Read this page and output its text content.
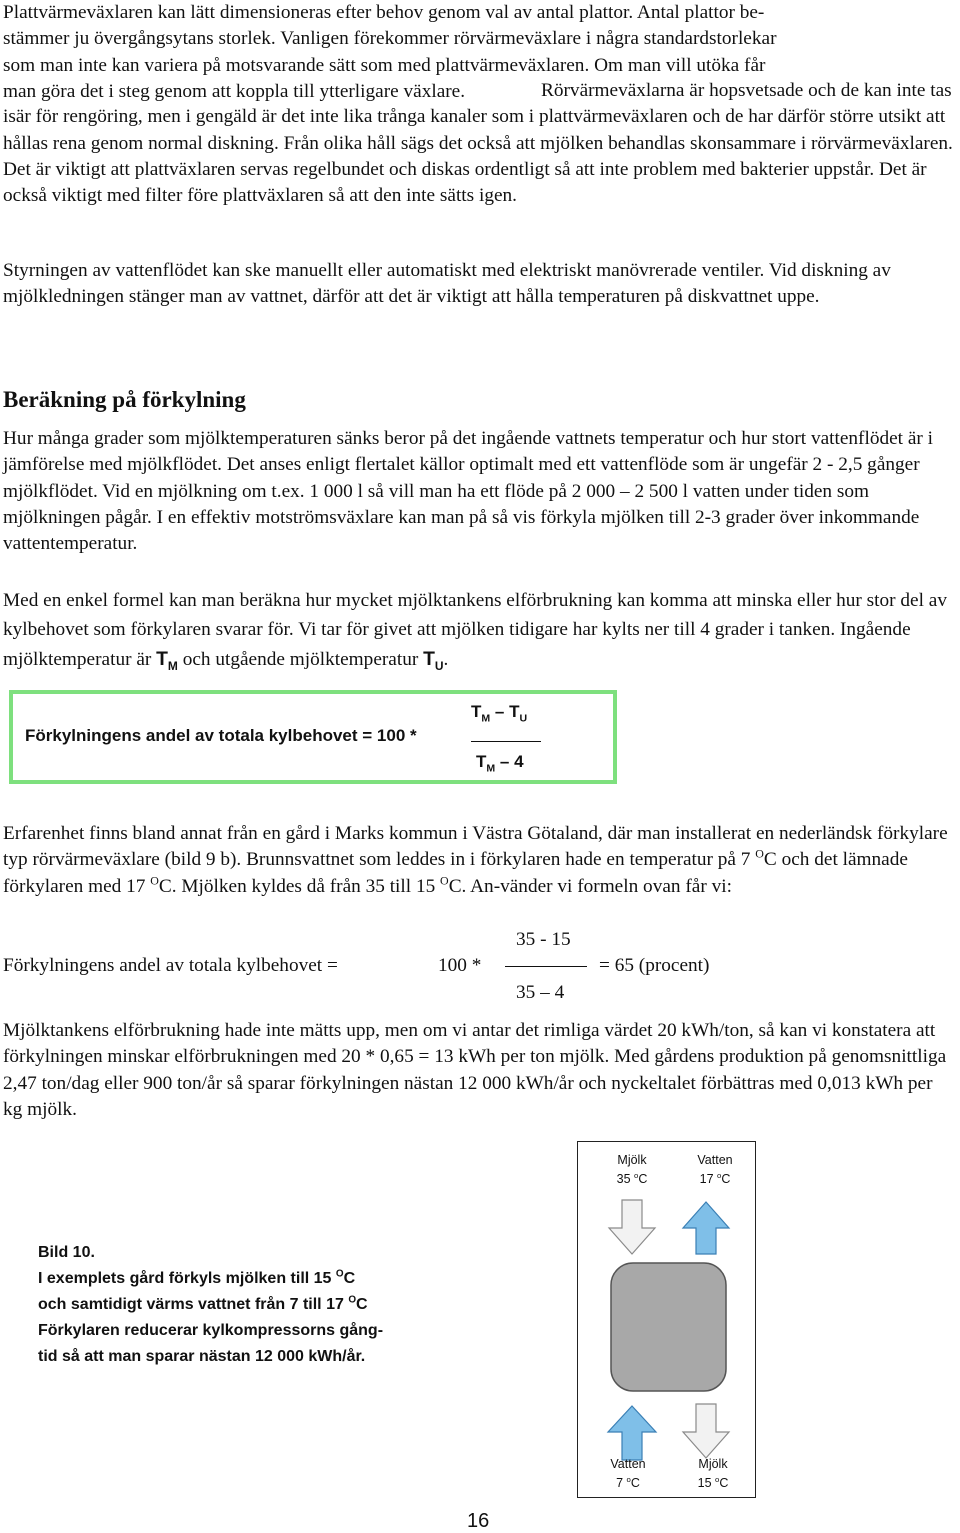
Plattvärmeväxlaren kan lätt dimensioneras efter behov genom val av antal plattor. Antal plattor be-
stämmer ju övergångsytans storlek. Vanligen förekommer rörvärmeväxlare i några standardstorlekar
som man inte kan variera på motsvarande sätt som med plattvärmeväxlaren. Om man vill utöka får
man göra det i steg genom att koppla till ytterligare växlare.	Rörvärmeväxlarna är hopsvetsade och de kan inte tas isär för rengöring, men i gengäld är det inte lika trånga kanaler som i plattvärmeväxlaren och de har därför större utsikt att hållas rena genom normal diskning. Från olika håll sägs det också att mjölken behandlas skonsammare i rörvärmeväxlaren. Det är viktigt att plattväxlaren servas regelbundet och diskas ordentligt så att inte problem med bakterier uppstår. Det är också viktigt med filter före plattväxlaren så att den inte sätts igen.

Styrningen av vattenflödet kan ske manuellt eller automatiskt med elektriskt manövrerade ventiler. Vid diskning av mjölkledningen stänger man av vattnet, därför att det är viktigt att hålla temperaturen på diskvattnet uppe.

Beräkning på förkylning

Hur många grader som mjölktemperaturen sänks beror på det ingående vattnets temperatur och hur stort vattenflödet är i jämförelse med mjölkflödet. Det anses enligt flertalet källor optimalt med ett vattenflöde som är ungefär 2 - 2,5 gånger mjölkflödet. Vid en mjölkning om t.ex. 1 000 l så vill man ha ett flöde på 2 000 – 2 500 l vatten under tiden som mjölkningen pågår. I en effektiv motströmsväxlare kan man på så vis förkyla mjölken till 2-3 grader över inkommande vattentemperatur.

Med en enkel formel kan man beräkna hur mycket mjölktankens elförbrukning kan komma att minska eller hur stor del av kylbehovet som förkylaren svarar för. Vi tar för givet att mjölken tidigare har kylts ner till 4 grader i tanken. Ingående mjölktemperatur är $T_M$ och utgående mjölktemperatur $T_U$.

Förkylningens andel av totala kylbehovet = 100 *
$T_M - T_U$
$T_M - 4$

Erfarenhet finns bland annat från en gård i Marks kommun i Västra Götaland, där man installerat en nederländsk förkylare typ rörvärmeväxlare (bild 9 b). Brunnsvattnet som leddes in i förkylaren hade en temperatur på 7 $^O$C och det lämnade förkylaren med 17 $^O$C. Mjölken kyldes då från 35 till 15 $^O$C. An-vänder vi formeln ovan får vi:

Förkylningens andel av totala kylbehovet =	100 *
35 - 15
35 – 4
= 65 (procent)

Mjölktankens elförbrukning hade inte mätts upp, men om vi antar det rimliga värdet 20 kWh/ton, så kan vi konstatera att förkylningen minskar elförbrukningen med 20 * 0,65 = 13 kWh per ton mjölk. Med gårdens produktion på genomsnittliga 2,47 ton/dag eller 900 ton/år så sparar förkylningen nästan 12 000 kWh/år och nyckeltalet förbättras med 0,013 kWh per kg mjölk.

Bild 10.
I exemplets gård förkyls mjölken till 15 $^O$C
och samtidigt värms vattnet från 7 till 17 $^O$C
Förkylaren reducerar kylkompressorns gång-
tid så att man sparar nästan 12 000 kWh/år.
Mjölk
35 $^o$C
Vatten
17 $^o$C
Vatten
7 $^o$C
Mjölk
15 $^o$C
16
